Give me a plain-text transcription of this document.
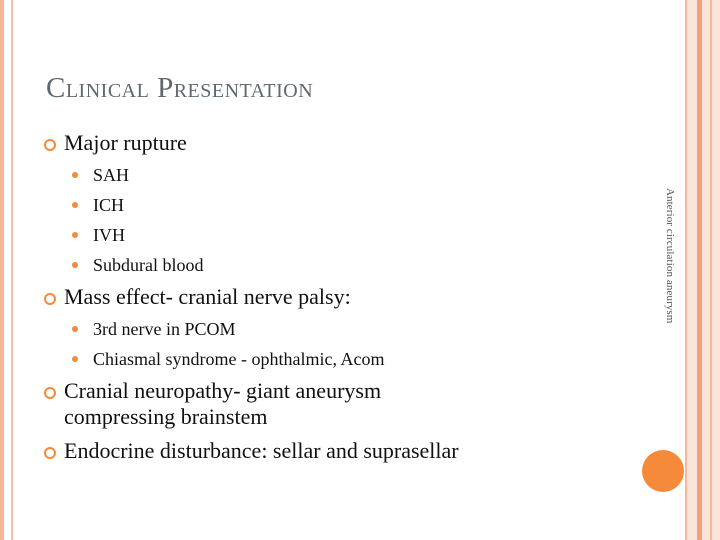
Anterior circulation aneurysm
Clinical Presentation
Major rupture
SAH
ICH
IVH
Subdural blood
Mass effect- cranial nerve palsy:
3rd nerve in PCOM
Chiasmal syndrome - ophthalmic, Acom
Cranial neuropathy- giant aneurysm
compressing brainstem
Endocrine disturbance: sellar and suprasellar
